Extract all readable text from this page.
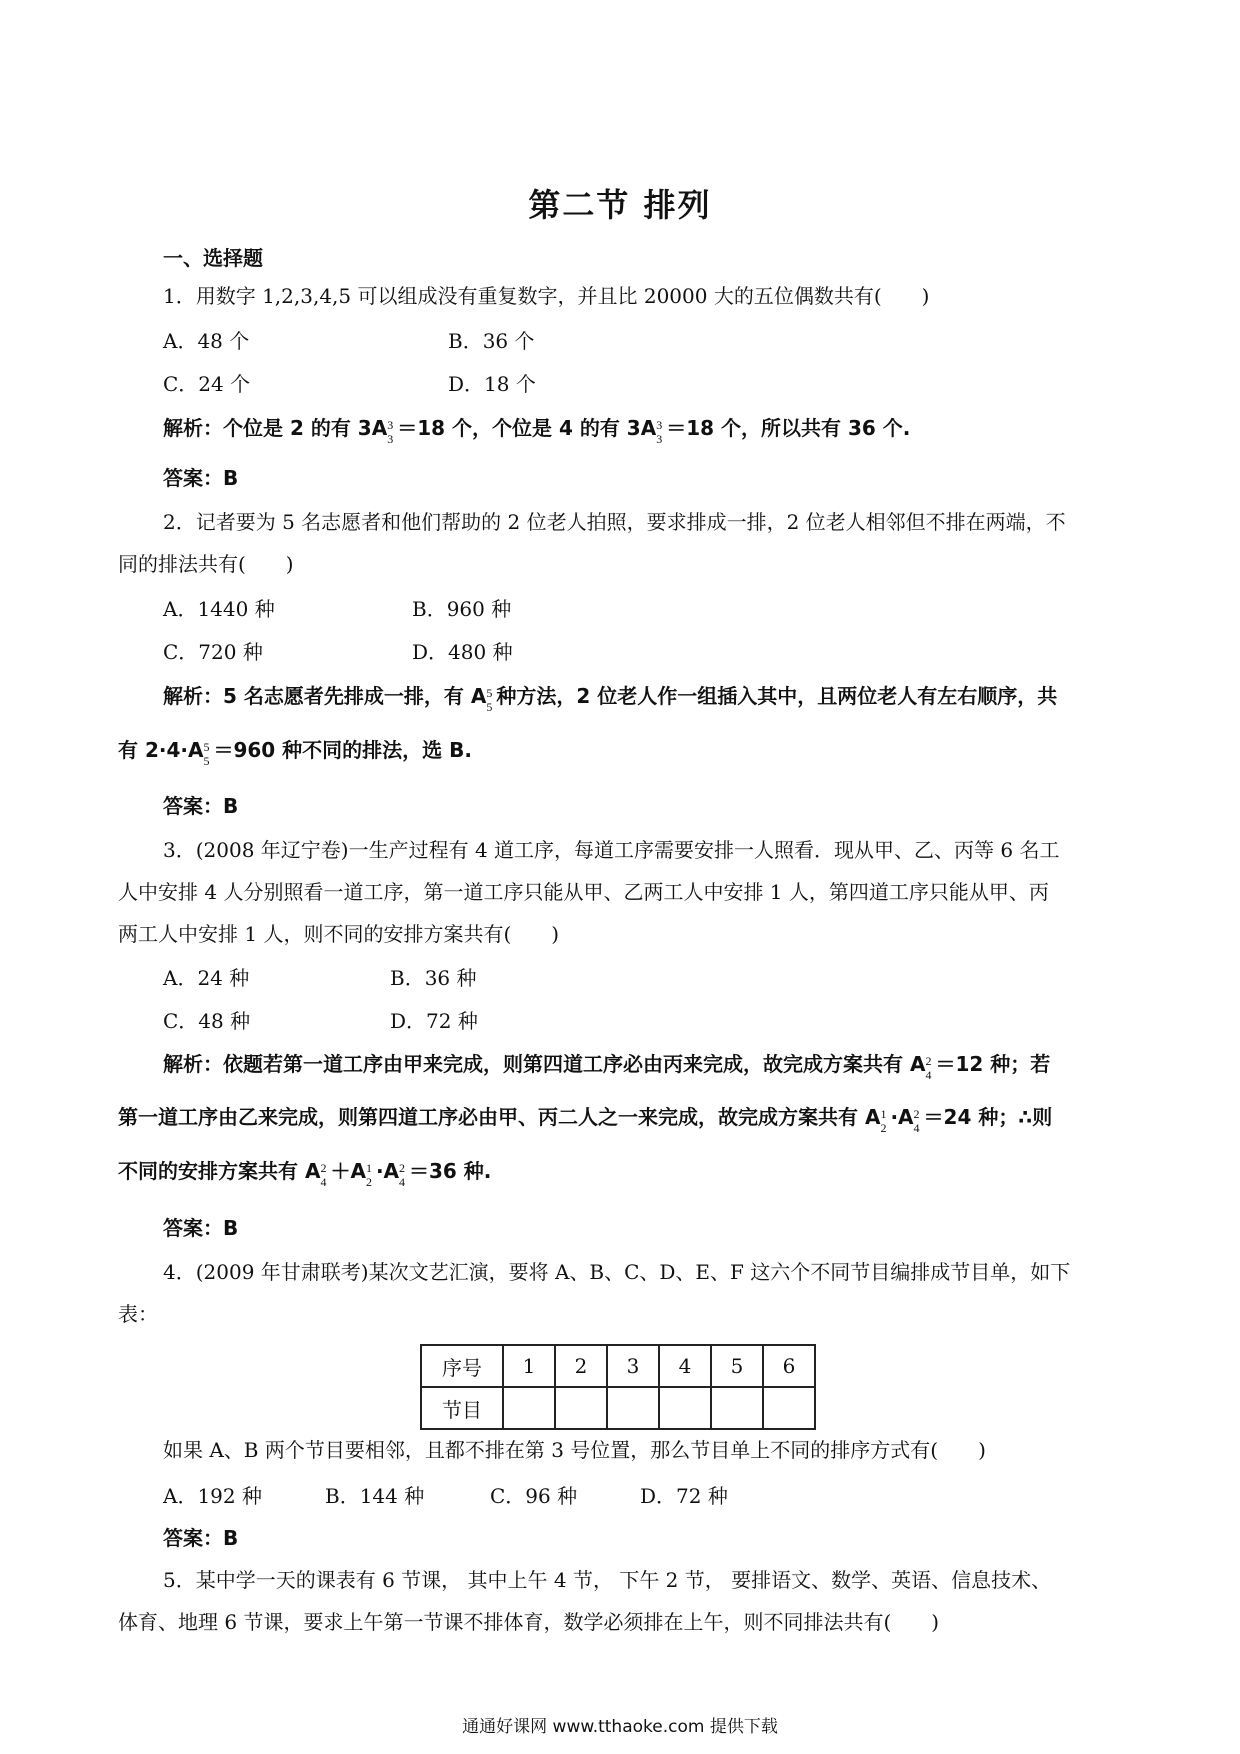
第二节 排列
一、选择题
1．用数字 1,2,3,4,5 可以组成没有重复数字，并且比 20000 大的五位偶数共有(　　)
A．48 个	B．36 个
C．24 个	D．18 个
解析：个位是 2 的有 3A 3
3 ＝18 个，个位是 4 的有 3A 3
3 ＝18 个，所以共有 36 个.
答案：B
2．记者要为 5 名志愿者和他们帮助的 2 位老人拍照，要求排成一排，2 位老人相邻但不排在两端，不
同的排法共有(　　)
A．1440 种	B．960 种
C．720 种	D．480 种
解析：5 名志愿者先排成一排，有 A 5
5 种方法，2 位老人作一组插入其中，且两位老人有左右顺序，共
有 2·4·A 5
5 ＝960 种不同的排法，选 B.
答案：B
3．(2008 年辽宁卷)一生产过程有 4 道工序，每道工序需要安排一人照看．现从甲、乙、丙等 6 名工
人中安排 4 人分别照看一道工序，第一道工序只能从甲、乙两工人中安排 1 人，第四道工序只能从甲、丙
两工人中安排 1 人，则不同的安排方案共有(　　)
A．24 种	B．36 种
C．48 种	D．72 种
解析：依题若第一道工序由甲来完成，则第四道工序必由丙来完成，故完成方案共有 A 2
4 ＝12 种；若
第一道工序由乙来完成，则第四道工序必由甲、丙二人之一来完成，故完成方案共有 A 1
2 ·A 2
4 ＝24 种；∴则
不同的安排方案共有 A 2
4 ＋A 1
2 ·A 2
4 ＝36 种.
答案：B
4．(2009 年甘肃联考)某次文艺汇演，要将 A、B、C、D、E、F 这六个不同节目编排成节目单，如下
表：
序号	1	2	3	4	5	6
节目						
如果 A、B 两个节目要相邻，且都不排在第 3 号位置，那么节目单上不同的排序方式有(　　)
A．192 种	B．144 种	C．96 种	D．72 种
答案：B
5．某中学一天的课表有 6 节课， 其中上午 4 节， 下午 2 节， 要排语文、数学、英语、信息技术、
体育、地理 6 节课，要求上午第一节课不排体育，数学必须排在上午，则不同排法共有(　　)
通通好课网 www.tthaoke.com 提供下载
